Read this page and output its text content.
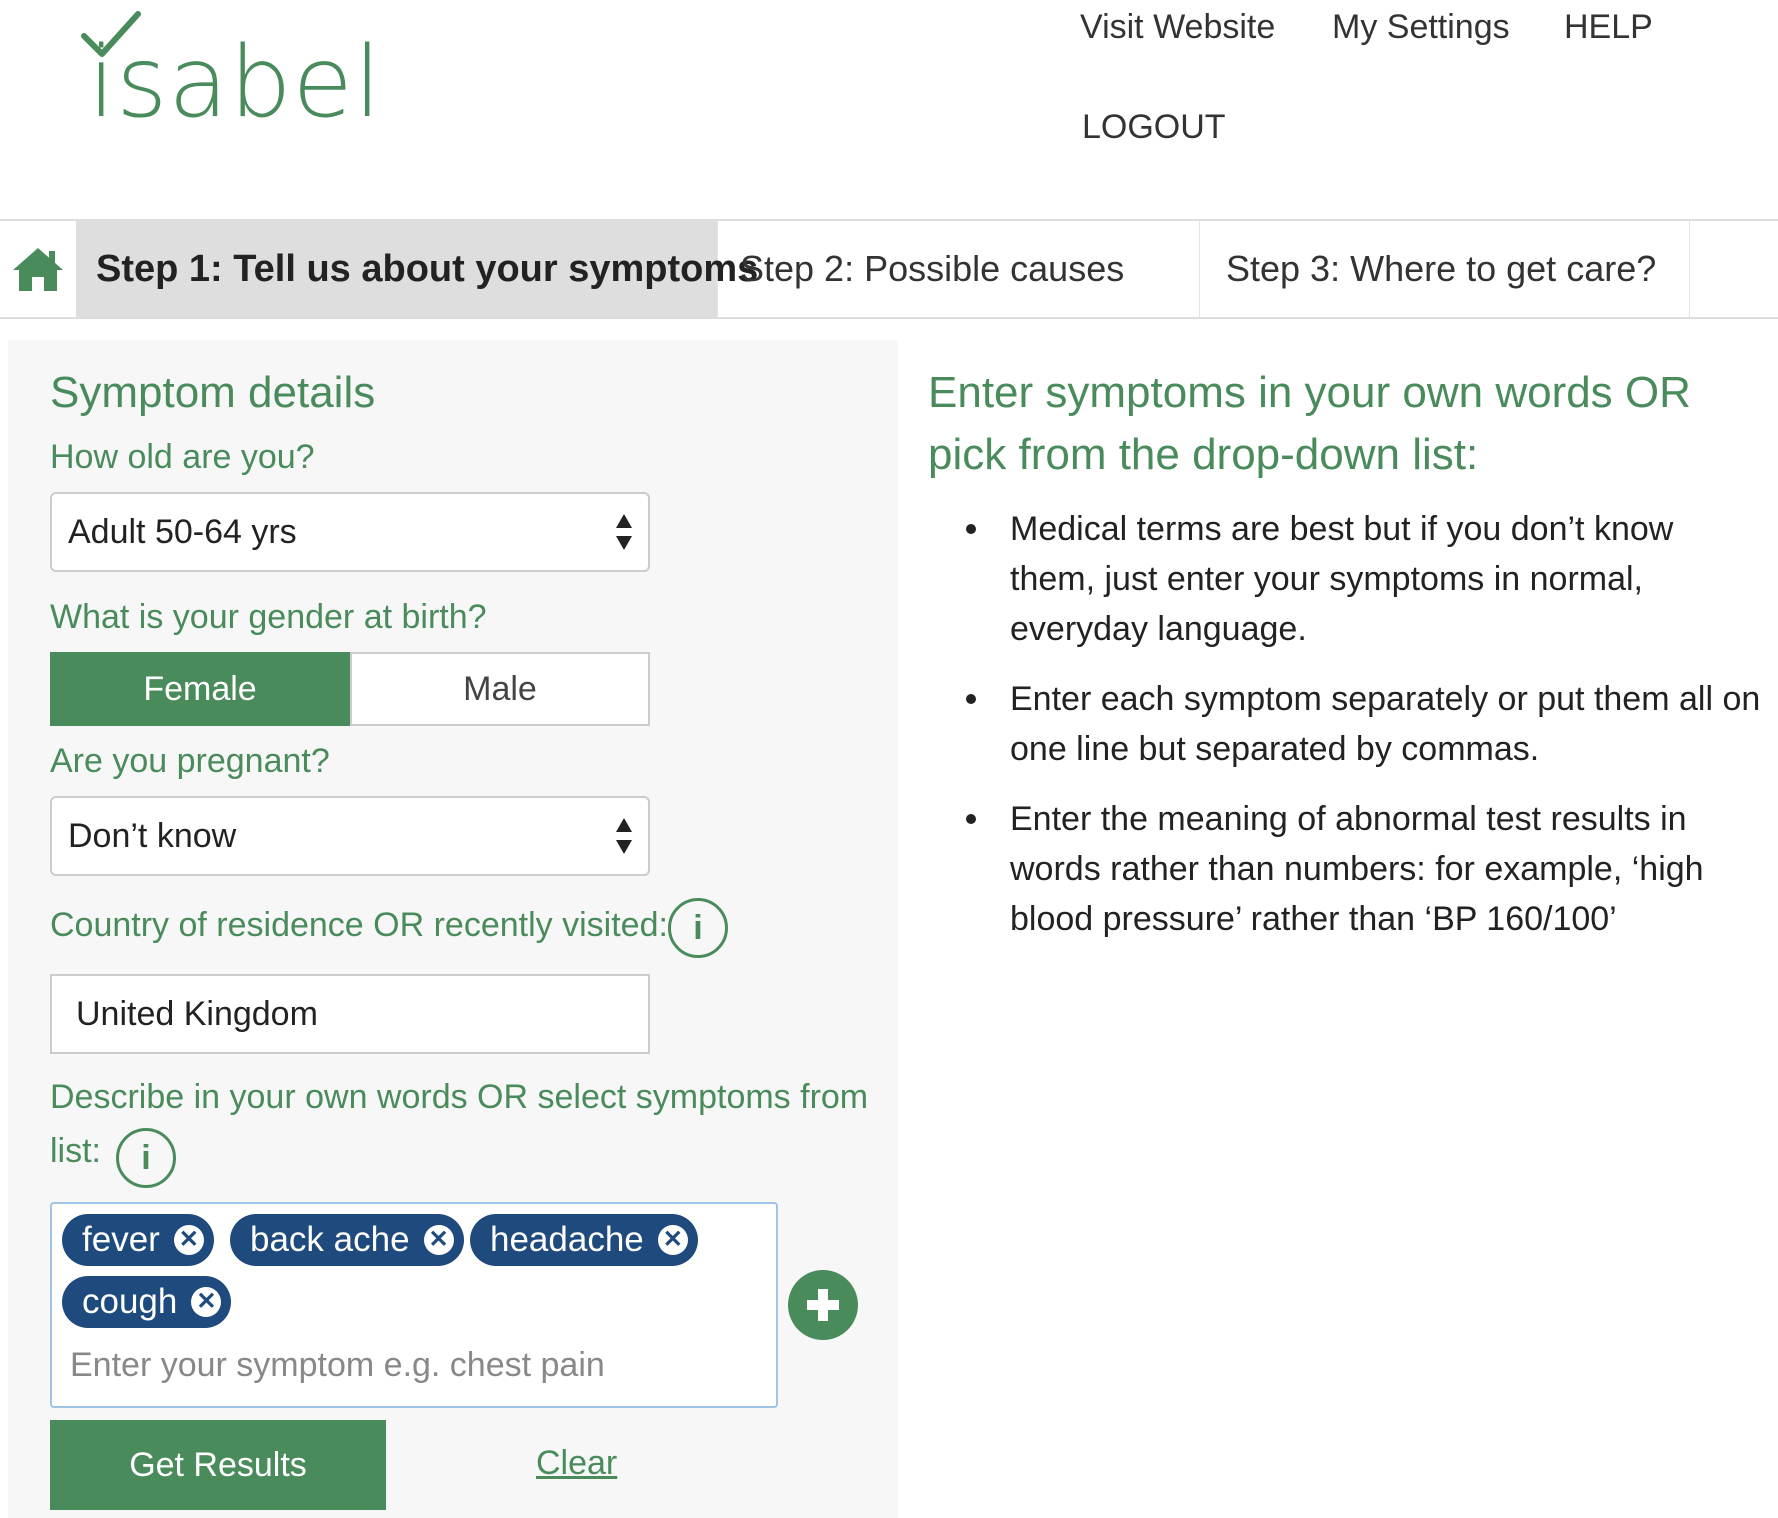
isabel	Visit Website My Settings HELP
LOGOUT
Step 1: Tell us about your symptoms
Step 2: Possible causes	Step 3: Where to get care?
Symptom details
How old are you?
Adult 50-64 yrs
What is your gender at birth?
Female	Male
Are you pregnant?
Don’t know
Country of residence OR recently visited: i
United Kingdom
Describe in your own words OR select symptoms from
list:	i
fever ✕ back ache ✕ headache ✕
cough ✕
Enter your symptom e.g. chest pain
Get Results	Clear
Enter symptoms in your own words OR pick from the drop-down list:
Medical terms are best but if you don’t know them, just enter your symptoms in normal, everyday language.
Enter each symptom separately or put them all on one line but separated by commas.
Enter the meaning of abnormal test results in words rather than numbers: for example, ‘high blood pressure’ rather than ‘BP 160/100’
